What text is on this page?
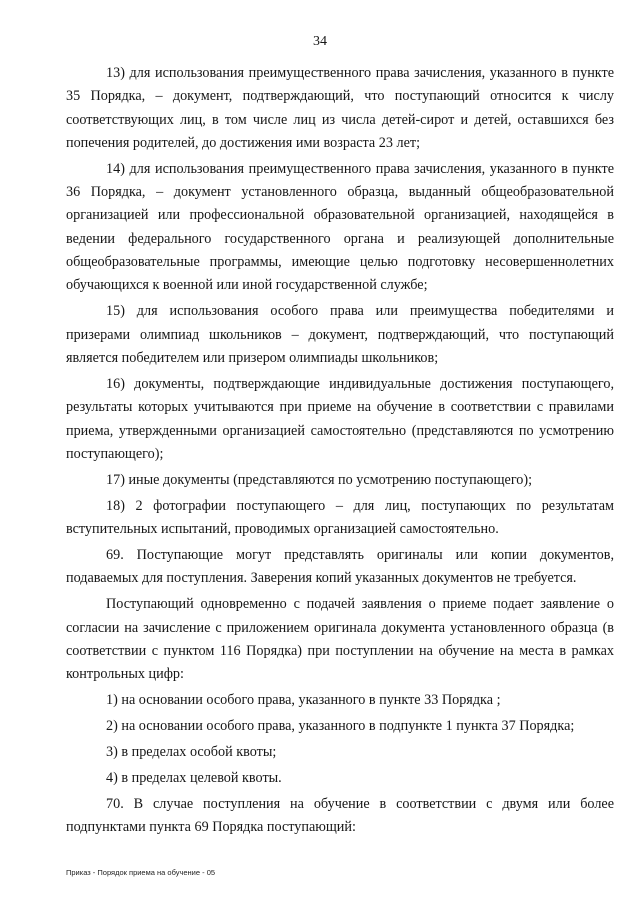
34

13) для использования преимущественного права зачисления, указанного в пункте 35 Порядка, – документ, подтверждающий, что поступающий относится к числу соответствующих лиц, в том числе лиц из числа детей-сирот и детей, оставшихся без попечения родителей, до достижения ими возраста 23 лет;

14) для использования преимущественного права зачисления, указанного в пункте 36 Порядка, – документ установленного образца, выданный общеобразовательной организацией или профессиональной образовательной организацией, находящейся в ведении федерального государственного органа и реализующей дополнительные общеобразовательные программы, имеющие целью подготовку несовершеннолетних обучающихся к военной или иной государственной службе;

15) для использования особого права или преимущества победителями и призерами олимпиад школьников – документ, подтверждающий, что поступающий является победителем или призером олимпиады школьников;

16) документы, подтверждающие индивидуальные достижения поступающего, результаты которых учитываются при приеме на обучение в соответствии с правилами приема, утвержденными организацией самостоятельно (представляются по усмотрению поступающего);

17) иные документы (представляются по усмотрению поступающего);

18) 2 фотографии поступающего – для лиц, поступающих по результатам вступительных испытаний, проводимых организацией самостоятельно.

69. Поступающие могут представлять оригиналы или копии документов, подаваемых для поступления. Заверения копий указанных документов не требуется.

Поступающий одновременно с подачей заявления о приеме подает заявление о согласии на зачисление с приложением оригинала документа установленного образца (в соответствии с пунктом 116 Порядка) при поступлении на обучение на места в рамках контрольных цифр:

1) на основании особого права, указанного в пункте 33 Порядка ;
2) на основании особого права, указанного в подпункте 1 пункта 37 Порядка;
3) в пределах особой квоты;
4) в пределах целевой квоты.

70. В случае поступления на обучение в соответствии с двумя или более подпунктами пункта 69 Порядка поступающий:

Приказ - Порядок приема на обучение - 05
